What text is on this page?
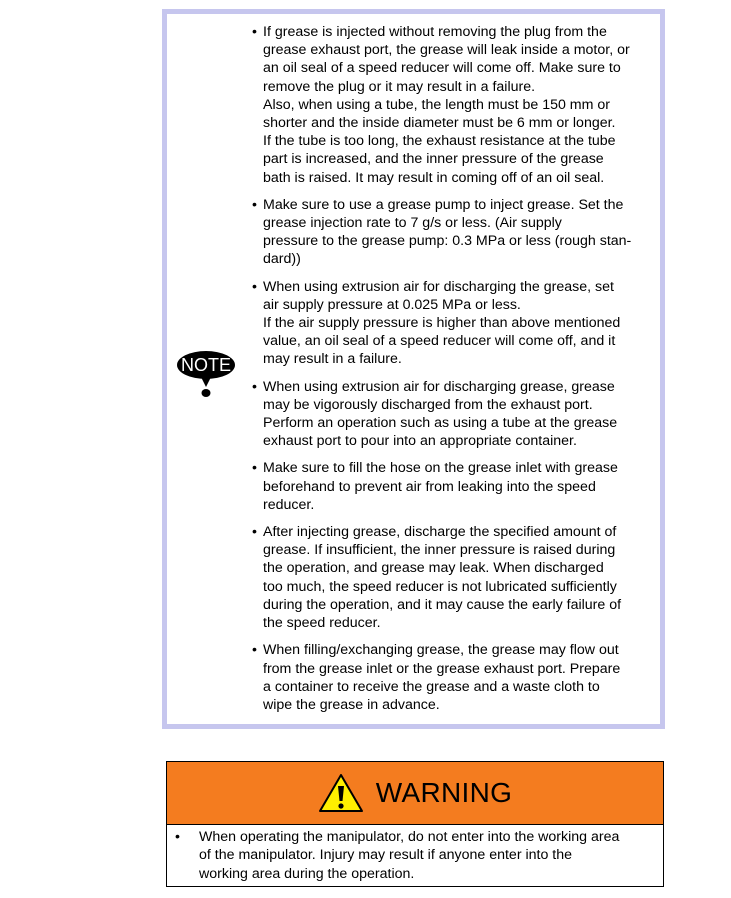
NOTE
• If grease is injected without removing the plug from the
grease exhaust port, the grease will leak inside a motor, or
an oil seal of a speed reducer will come off. Make sure to
remove the plug or it may result in a failure.
Also, when using a tube, the length must be 150 mm or
shorter and the inside diameter must be 6 mm or longer.
If the tube is too long, the exhaust resistance at the tube
part is increased, and the inner pressure of the grease
bath is raised. It may result in coming off of an oil seal.

• Make sure to use a grease pump to inject grease. Set the
grease injection rate to 7 g/s or less. (Air supply
pressure to the grease pump: 0.3 MPa or less (rough stan-
dard))

• When using extrusion air for discharging the grease, set
air supply pressure at 0.025 MPa or less.
If the air supply pressure is higher than above mentioned
value, an oil seal of a speed reducer will come off, and it
may result in a failure.

• When using extrusion air for discharging grease, grease
may be vigorously discharged from the exhaust port.
Perform an operation such as using a tube at the grease
exhaust port to pour into an appropriate container.

• Make sure to fill the hose on the grease inlet with grease
beforehand to prevent air from leaking into the speed
reducer.

• After injecting grease, discharge the specified amount of
grease. If insufficient, the inner pressure is raised during
the operation, and grease may leak. When discharged
too much, the speed reducer is not lubricated sufficiently
during the operation, and it may cause the early failure of
the speed reducer.

• When filling/exchanging grease, the grease may flow out
from the grease inlet or the grease exhaust port. Prepare
a container to receive the grease and a waste cloth to
wipe the grease in advance.

WARNING
• When operating the manipulator, do not enter into the working area
of the manipulator. Injury may result if anyone enter into the
working area during the operation.
